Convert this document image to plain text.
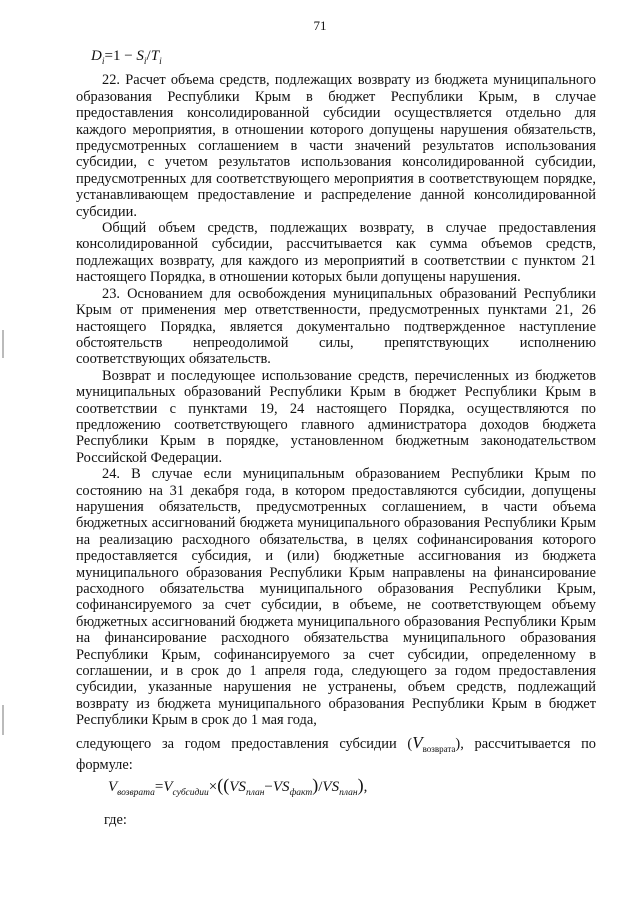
71
$D_i=1 - S_i/T_i$

22. Расчет объема средств, подлежащих возврату из бюджета муниципального образования Республики Крым в бюджет Республики Крым, в случае предоставления консолидированной субсидии осуществляется отдельно для каждого мероприятия, в отношении которого допущены нарушения обязательств, предусмотренных соглашением в части значений результатов использования субсидии, с учетом результатов использования консолидированной субсидии, предусмотренных для соответствующего мероприятия в соответствующем порядке, устанавливающем предоставление и распределение данной консолидированной субсидии.

Общий объем средств, подлежащих возврату, в случае предоставления консолидированной субсидии, рассчитывается как сумма объемов средств, подлежащих возврату, для каждого из мероприятий в соответствии с пунктом 21 настоящего Порядка, в отношении которых были допущены нарушения.

23. Основанием для освобождения муниципальных образований Республики Крым от применения мер ответственности, предусмотренных пунктами 21, 26 настоящего Порядка, является документально подтвержденное наступление обстоятельств непреодолимой силы, препятствующих исполнению соответствующих обязательств.

Возврат и последующее использование средств, перечисленных из бюджетов муниципальных образований Республики Крым в бюджет Республики Крым в соответствии с пунктами 19, 24 настоящего Порядка, осуществляются по предложению соответствующего главного администратора доходов бюджета Республики Крым в порядке, установленном бюджетным законодательством Российской Федерации.

24. В случае если муниципальным образованием Республики Крым по состоянию на 31 декабря года, в котором предоставляются субсидии, допущены нарушения обязательств, предусмотренных соглашением, в части объема бюджетных ассигнований бюджета муниципального образования Республики Крым на реализацию расходного обязательства, в целях софинансирования которого предоставляется субсидия, и (или) бюджетные ассигнования из бюджета муниципального образования Республики Крым направлены на финансирование расходного обязательства муниципального образования Республики Крым, софинансируемого за счет субсидии, в объеме, не соответствующем объему бюджетных ассигнований бюджета муниципального образования Республики Крым на финансирование расходного обязательства муниципального образования Республики Крым, софинансируемого за счет субсидии, определенному в соглашении, и в срок до 1 апреля года, следующего за годом предоставления субсидии, указанные нарушения не устранены, объем средств, подлежащий возврату из бюджета муниципального образования Республики Крым в бюджет Республики Крым в срок до 1 мая года,

следующего за годом предоставления субсидии $(V_{возврата})$, рассчитывается по формуле:

$V_{возврата}=V_{субсидии}\times((VS_{план}-VS_{факт})/VS_{план})$,
где:
